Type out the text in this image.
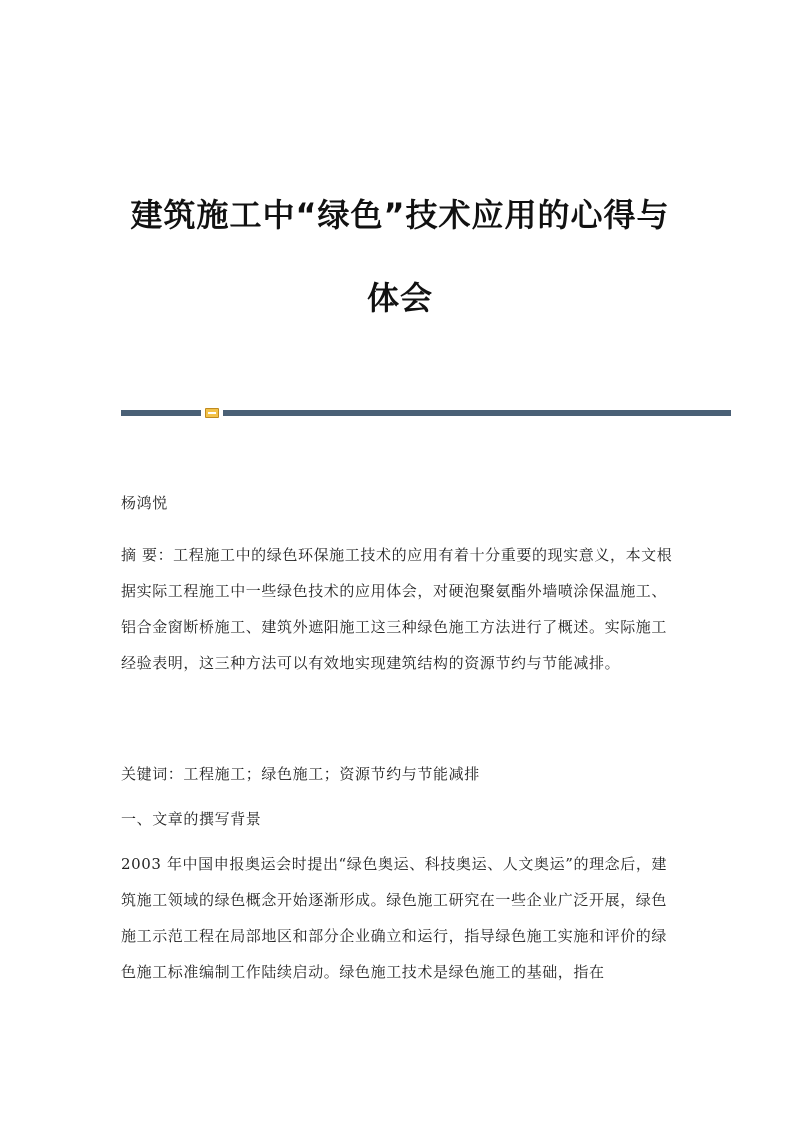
建筑施工中“绿色”技术应用的心得与
体会
杨鸿悦

摘 要：工程施工中的绿色环保施工技术的应用有着十分重要的现实意义，本文根据实际工程施工中一些绿色技术的应用体会，对硬泡聚氨酯外墙喷涂保温施工、铝合金窗断桥施工、建筑外遮阳施工这三种绿色施工方法进行了概述。实际施工经验表明，这三种方法可以有效地实现建筑结构的资源节约与节能减排。

关键词：工程施工；绿色施工；资源节约与节能减排
一、文章的撰写背景

2003 年中国申报奥运会时提出“绿色奥运、科技奥运、人文奥运”的理念后，建筑施工领域的绿色概念开始逐渐形成。绿色施工研究在一些企业广泛开展，绿色施工示范工程在局部地区和部分企业确立和运行，指导绿色施工实施和评价的绿色施工标准编制工作陆续启动。绿色施工技术是绿色施工的基础，指在
